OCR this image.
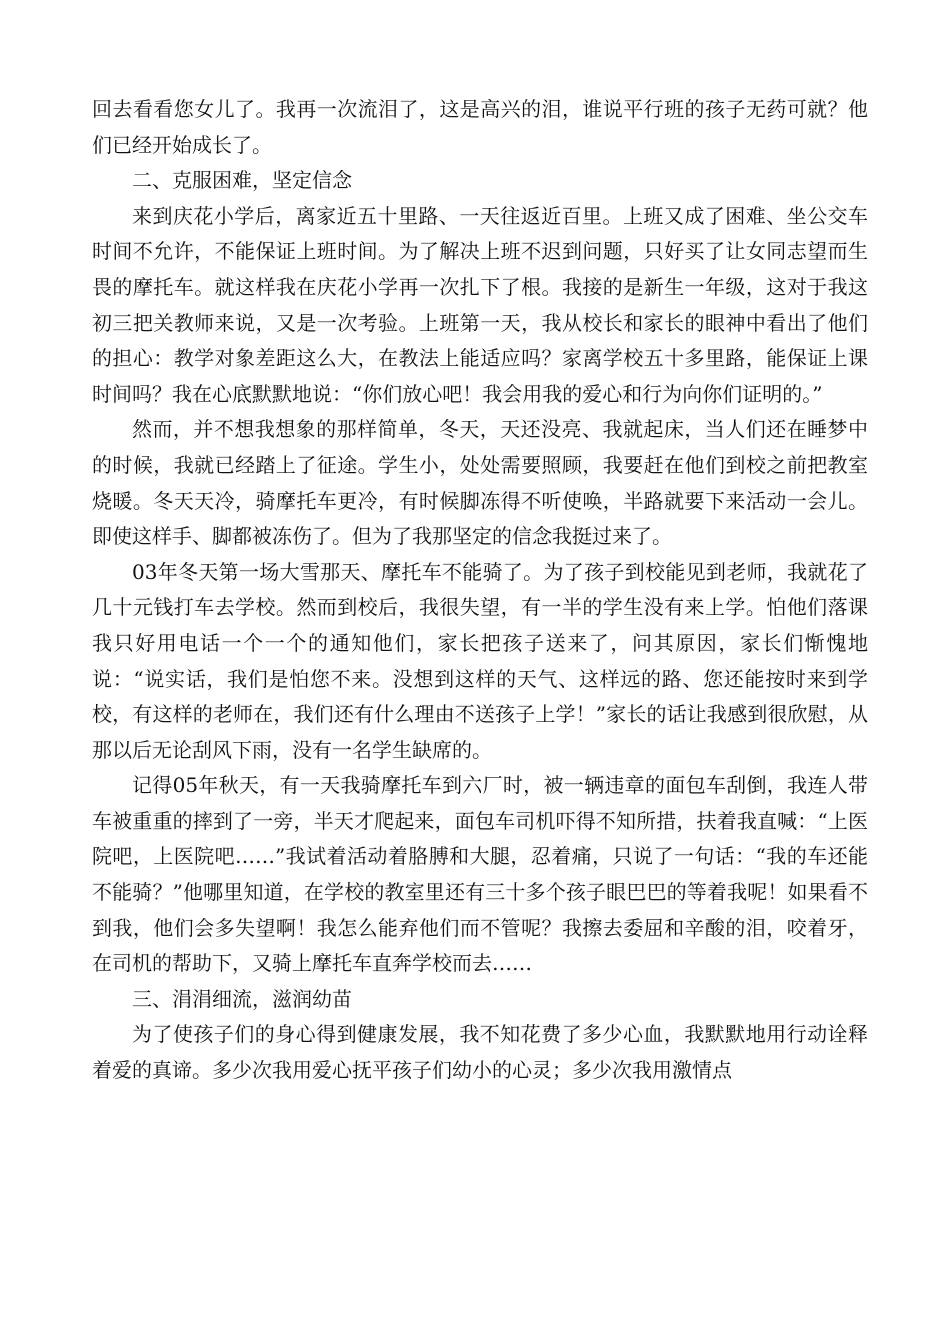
回去看看您女儿了。我再一次流泪了，这是高兴的泪，谁说平行班的孩子无药可就？他们已经开始成长了。

二、克服困难，坚定信念

来到庆花小学后，离家近五十里路、一天往返近百里。上班又成了困难、坐公交车时间不允许，不能保证上班时间。为了解决上班不迟到问题，只好买了让女同志望而生畏的摩托车。就这样我在庆花小学再一次扎下了根。我接的是新生一年级，这对于我这初三把关教师来说，又是一次考验。上班第一天，我从校长和家长的眼神中看出了他们的担心：教学对象差距这么大，在教法上能适应吗？家离学校五十多里路，能保证上课时间吗？我在心底默默地说：“你们放心吧！我会用我的爱心和行为向你们证明的。”

然而，并不想我想象的那样简单，冬天，天还没亮、我就起床，当人们还在睡梦中的时候，我就已经踏上了征途。学生小，处处需要照顾，我要赶在他们到校之前把教室烧暖。冬天天冷，骑摩托车更冷，有时候脚冻得不听使唤，半路就要下来活动一会儿。即使这样手、脚都被冻伤了。但为了我那坚定的信念我挺过来了。

03年冬天第一场大雪那天、摩托车不能骑了。为了孩子到校能见到老师，我就花了几十元钱打车去学校。然而到校后，我很失望，有一半的学生没有来上学。怕他们落课我只好用电话一个一个的通知他们，家长把孩子送来了，问其原因，家长们惭愧地说：“说实话，我们是怕您不来。没想到这样的天气、这样远的路、您还能按时来到学校，有这样的老师在，我们还有什么理由不送孩子上学！”家长的话让我感到很欣慰，从那以后无论刮风下雨，没有一名学生缺席的。

记得05年秋天，有一天我骑摩托车到六厂时，被一辆违章的面包车刮倒，我连人带车被重重的摔到了一旁，半天才爬起来，面包车司机吓得不知所措，扶着我直喊：“上医院吧，上医院吧……”我试着活动着胳膊和大腿，忍着痛，只说了一句话：“我的车还能不能骑？”他哪里知道，在学校的教室里还有三十多个孩子眼巴巴的等着我呢！如果看不到我，他们会多失望啊！我怎么能弃他们而不管呢？我擦去委屈和辛酸的泪，咬着牙，在司机的帮助下，又骑上摩托车直奔学校而去……

三、涓涓细流，滋润幼苗

为了使孩子们的身心得到健康发展，我不知花费了多少心血，我默默地用行动诠释着爱的真谛。多少次我用爱心抚平孩子们幼小的心灵；多少次我用激情点
